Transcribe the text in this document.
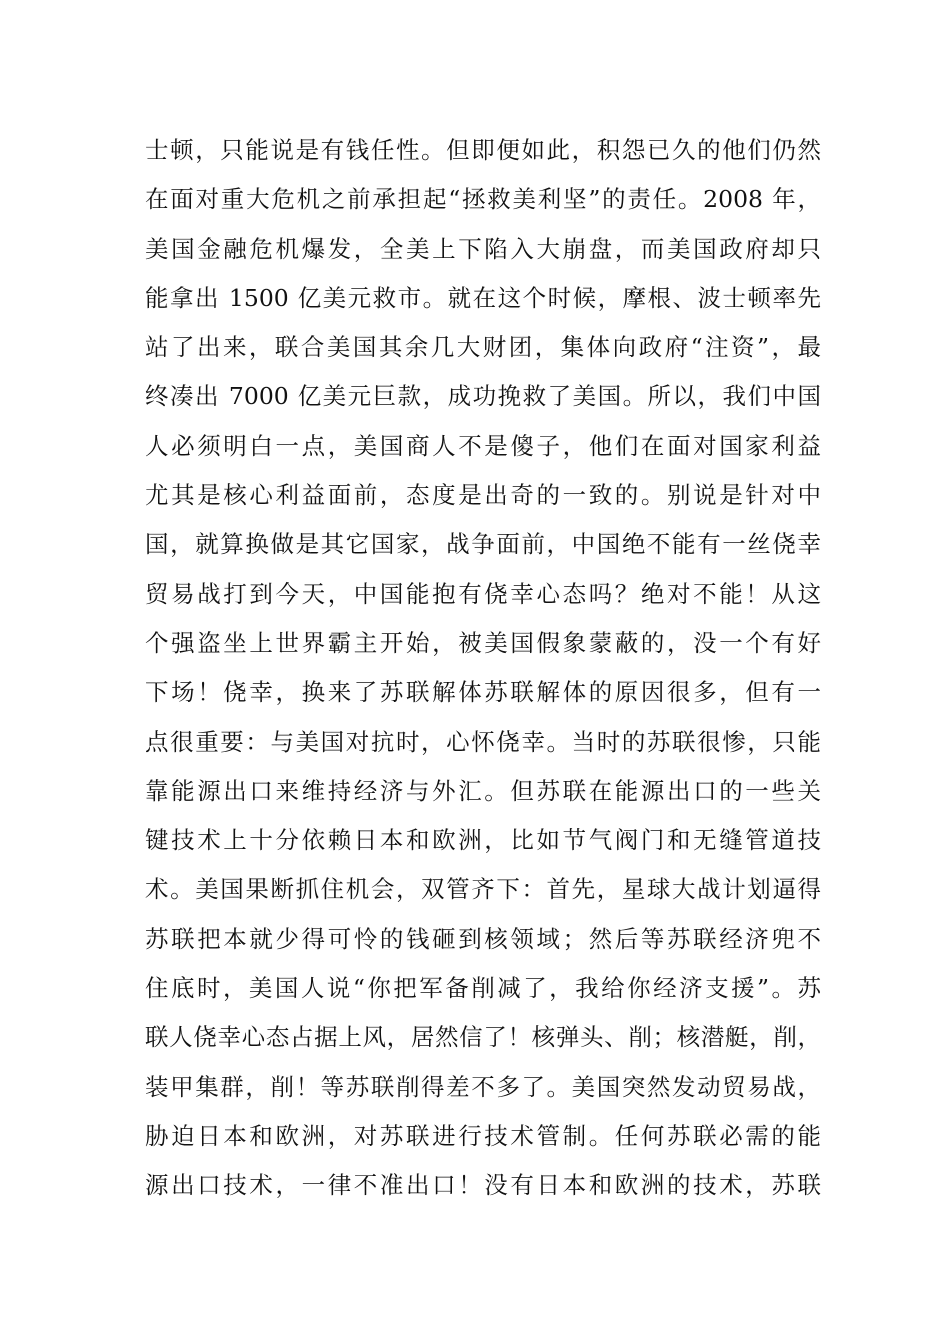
士顿，只能说是有钱任性。但即便如此，积怨已久的他们仍然
在面对重大危机之前承担起“拯救美利坚”的责任。2008 年，
美国金融危机爆发，全美上下陷入大崩盘，而美国政府却只
能拿出 1500 亿美元救市。就在这个时候，摩根、波士顿率先
站了出来，联合美国其余几大财团，集体向政府“注资”，最
终凑出 7000 亿美元巨款，成功挽救了美国。所以，我们中国
人必须明白一点，美国商人不是傻子，他们在面对国家利益
尤其是核心利益面前，态度是出奇的一致的。别说是针对中
国，就算换做是其它国家，战争面前，中国绝不能有一丝侥幸
贸易战打到今天，中国能抱有侥幸心态吗？绝对不能！从这
个强盗坐上世界霸主开始，被美国假象蒙蔽的，没一个有好
下场！侥幸，换来了苏联解体苏联解体的原因很多，但有一
点很重要：与美国对抗时，心怀侥幸。当时的苏联很惨，只能
靠能源出口来维持经济与外汇。但苏联在能源出口的一些关
键技术上十分依赖日本和欧洲，比如节气阀门和无缝管道技
术。美国果断抓住机会，双管齐下：首先，星球大战计划逼得
苏联把本就少得可怜的钱砸到核领域；然后等苏联经济兜不
住底时，美国人说“你把军备削减了，我给你经济支援”。苏
联人侥幸心态占据上风，居然信了！核弹头、削；核潜艇，削，
装甲集群，削！等苏联削得差不多了。美国突然发动贸易战，
胁迫日本和欧洲，对苏联进行技术管制。任何苏联必需的能
源出口技术，一律不准出口！没有日本和欧洲的技术，苏联
